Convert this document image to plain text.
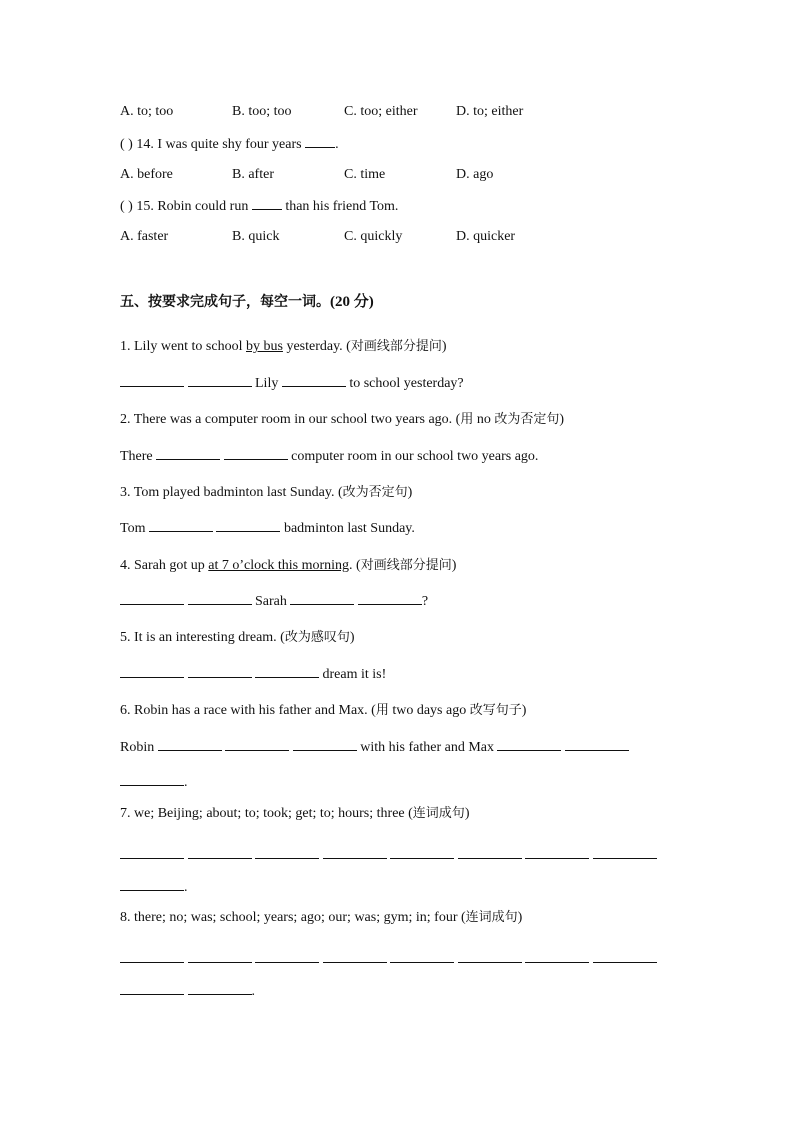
A. to; too	B. too; too	C. too; either	D. to; either
( ) 14. I was quite shy four years .
A. before	B. after	C. time	D. ago
( ) 15. Robin could run	than his friend Tom.
A. faster	B. quick	C. quickly	D. quicker
五、按要求完成句子，每空一词。(20 分)
1. Lily went to school by bus yesterday. (对画线部分提问)
Lily	to school yesterday?
2. There was a computer room in our school two years ago. (用 no 改为否定句)
There	computer room in our school two years ago.
3. Tom played badminton last Sunday. (改为否定句)
Tom	badminton last Sunday.
4. Sarah got up at 7 o’clock this morning. (对画线部分提问)
Sarah	?
5. It is an interesting dream. (改为感叹句)
dream it is!
6. Robin has a race with his father and Max. (用 two days ago 改写句子)
Robin	with his father and Max
.
7. we; Beijing; about; to; took; get; to; hours; three (连词成句)

.
8. there; no; was; school; years; ago; our; was; gym; in; four (连词成句)

.
